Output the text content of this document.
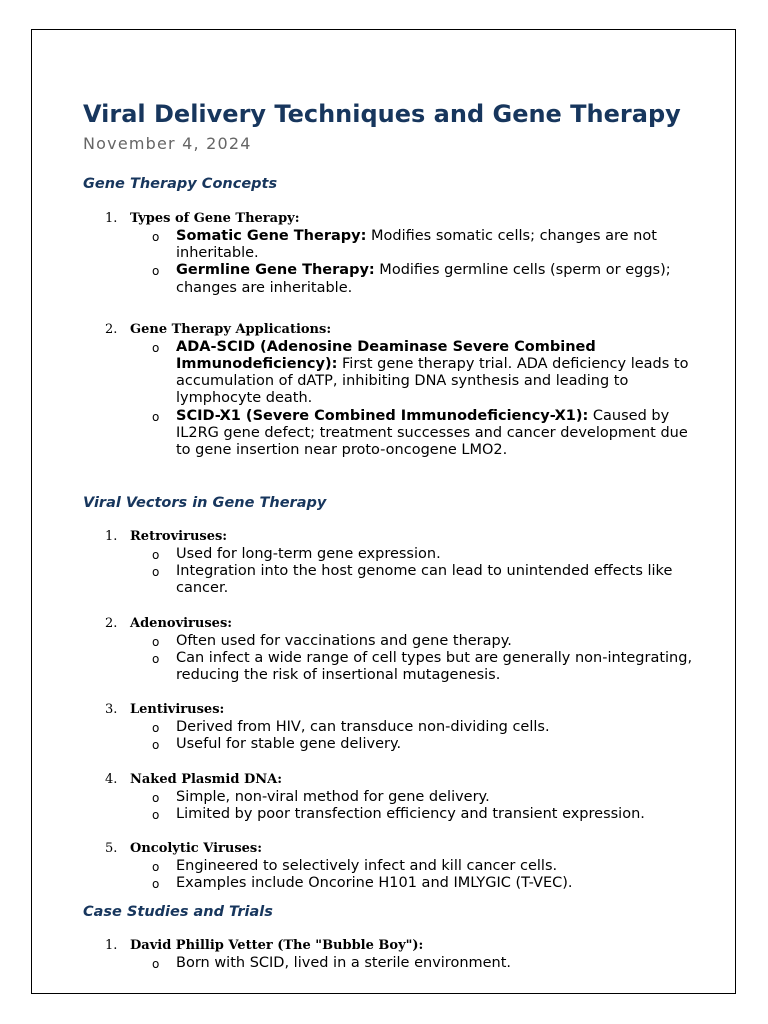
Viral Delivery Techniques and Gene Therapy

November 4, 2024

Gene Therapy Concepts
1. Types of Gene Therapy:
o Somatic Gene Therapy: Modifies somatic cells; changes are not inheritable.
o Germline Gene Therapy: Modifies germline cells (sperm or eggs); changes are inheritable.
2. Gene Therapy Applications:
o ADA-SCID (Adenosine Deaminase Severe Combined Immunodeficiency): First gene therapy trial. ADA deficiency leads to accumulation of dATP, inhibiting DNA synthesis and leading to lymphocyte death.
o SCID-X1 (Severe Combined Immunodeficiency-X1): Caused by IL2RG gene defect; treatment successes and cancer development due to gene insertion near proto-oncogene LMO2.
Viral Vectors in Gene Therapy
1. Retroviruses:
o Used for long-term gene expression.
o Integration into the host genome can lead to unintended effects like cancer.
2. Adenoviruses:
o Often used for vaccinations and gene therapy.
o Can infect a wide range of cell types but are generally non-integrating, reducing the risk of insertional mutagenesis.
3. Lentiviruses:
o Derived from HIV, can transduce non-dividing cells.
o Useful for stable gene delivery.
4. Naked Plasmid DNA:
o Simple, non-viral method for gene delivery.
o Limited by poor transfection efficiency and transient expression.
5. Oncolytic Viruses:
o Engineered to selectively infect and kill cancer cells.
o Examples include Oncorine H101 and IMLYGIC (T-VEC).
Case Studies and Trials
1. David Phillip Vetter (The "Bubble Boy"):
o Born with SCID, lived in a sterile environment.
